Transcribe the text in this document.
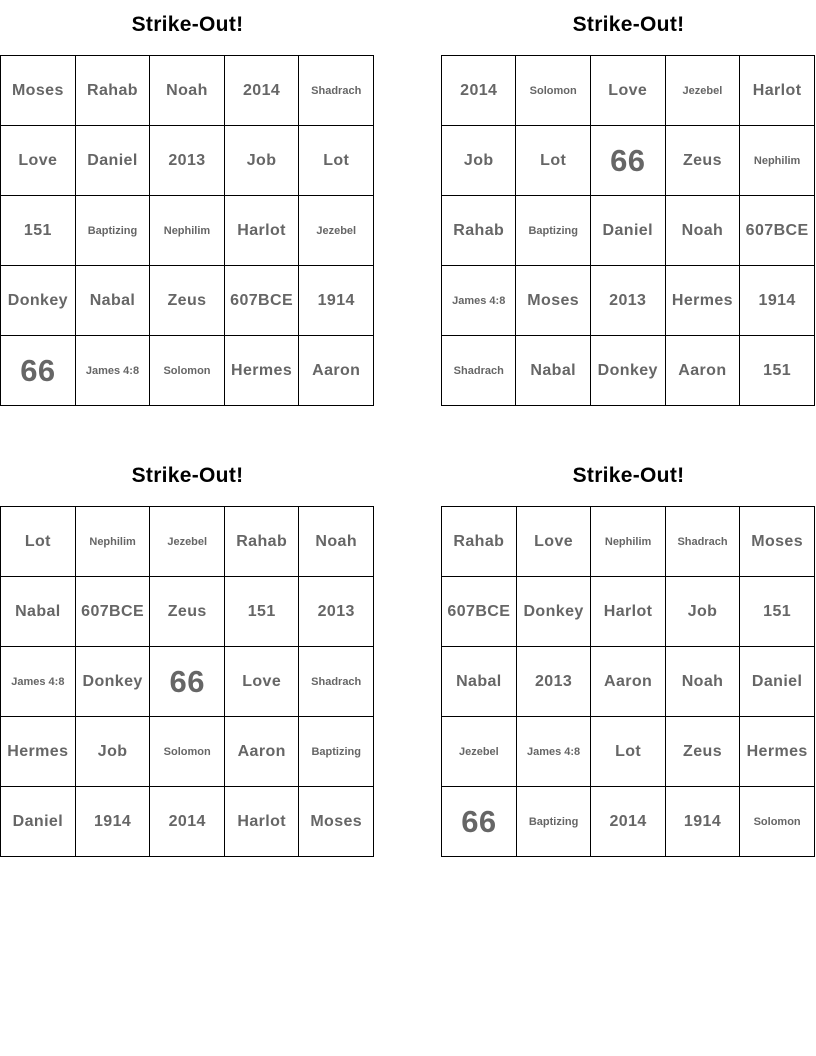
Strike-Out!
Moses	Rahab	Noah	2014	Shadrach
Love	Daniel	2013	Job	Lot
151	Baptizing	Nephilim	Harlot	Jezebel
Donkey	Nabal	Zeus	607BCE	1914
66	James 4:8	Solomon	Hermes	Aaron
Strike-Out!
2014	Solomon	Love	Jezebel	Harlot
Job	Lot	66	Zeus	Nephilim
Rahab	Baptizing	Daniel	Noah	607BCE
James 4:8	Moses	2013	Hermes	1914
Shadrach	Nabal	Donkey	Aaron	151
Strike-Out!
Lot	Nephilim	Jezebel	Rahab	Noah
Nabal	607BCE	Zeus	151	2013
James 4:8	Donkey	66	Love	Shadrach
Hermes	Job	Solomon	Aaron	Baptizing
Daniel	1914	2014	Harlot	Moses
Strike-Out!
Rahab	Love	Nephilim	Shadrach	Moses
607BCE	Donkey	Harlot	Job	151
Nabal	2013	Aaron	Noah	Daniel
Jezebel	James 4:8	Lot	Zeus	Hermes
66	Baptizing	2014	1914	Solomon
